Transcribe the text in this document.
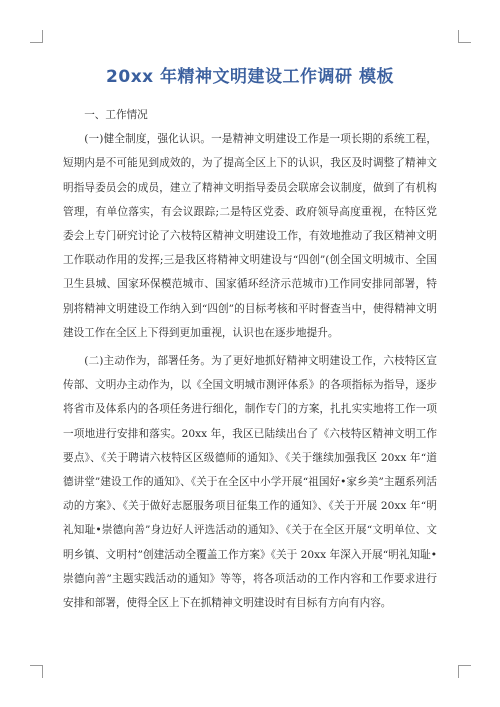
20xx 年精神文明建设工作调研 模板

一、工作情况

(一)健全制度，强化认识。一是精神文明建设工作是一项长期的系统工程，短期内是不可能见到成效的，为了提高全区上下的认识，我区及时调整了精神文明指导委员会的成员，建立了精神文明指导委员会联席会议制度，做到了有机构管理，有单位落实，有会议跟踪;二是特区党委、政府领导高度重视，在特区党委会上专门研究讨论了六枝特区精神文明建设工作，有效地推动了我区精神文明工作联动作用的发挥;三是我区将精神文明建设与“四创”(创全国文明城市、全国卫生县城、国家环保模范城市、国家循环经济示范城市)工作同安排同部署，特别将精神文明建设工作纳入到“四创”的目标考核和平时督查当中，使得精神文明建设工作在全区上下得到更加重视，认识也在逐步地提升。

(二)主动作为，部署任务。为了更好地抓好精神文明建设工作，六枝特区宣传部、文明办主动作为，以《全国文明城市测评体系》的各项指标为指导，逐步将省市及体系内的各项任务进行细化，制作专门的方案，扎扎实实地将工作一项一项地进行安排和落实。20xx 年，我区已陆续出台了《六枝特区精神文明工作要点》、《关于聘请六枝特区区级德师的通知》、《关于继续加强我区 20xx 年“道德讲堂”建设工作的通知》、《关于在全区中小学开展“祖国好•家乡美”主题系列活动的方案》、《关于做好志愿服务项目征集工作的通知》、《关于开展 20xx 年“明礼知耻•崇德向善”身边好人评选活动的通知》、《关于在全区开展“文明单位、文明乡镇、文明村”创建活动全覆盖工作方案》《关于 20xx 年深入开展“明礼知耻•崇德向善”主题实践活动的通知》等等，将各项活动的工作内容和工作要求进行安排和部署，使得全区上下在抓精神文明建设时有目标有方向有内容。
